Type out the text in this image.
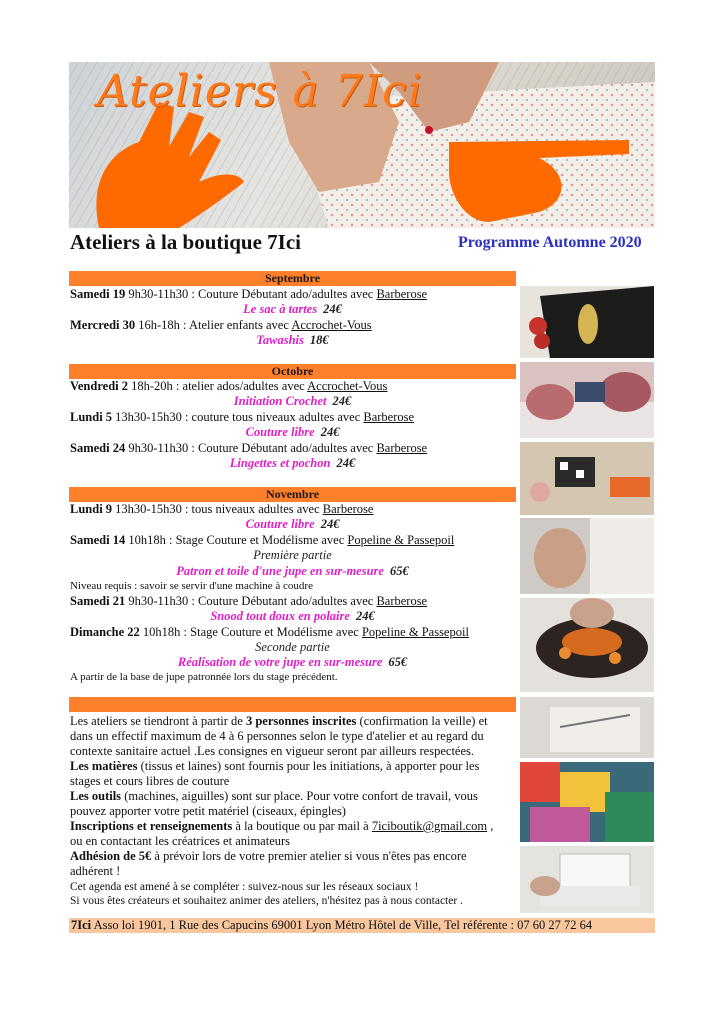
Ateliers à 7Ici
Ateliers à la boutique 7Ici	Programme Automne 2020
Septembre
Samedi 19 9h30-11h30 : Couture Débutant ado/adultes avec Barberose
Le sac à tartes 24€
Mercredi 30 16h-18h : Atelier enfants avec Accrochet-Vous
Tawashis 18€
Octobre
Vendredi 2 18h-20h : atelier ados/adultes avec Accrochet-Vous
Initiation Crochet 24€
Lundi 5 13h30-15h30 : couture tous niveaux adultes avec Barberose
Couture libre 24€
Samedi 24 9h30-11h30 : Couture Débutant ado/adultes avec Barberose
Lingettes et pochon 24€
Novembre
Lundi 9 13h30-15h30 : tous niveaux adultes avec Barberose
Couture libre 24€
Samedi 14 10h18h : Stage Couture et Modélisme avec Popeline & Passepoil
Première partie
Patron et toile d'une jupe en sur-mesure 65€
Niveau requis : savoir se servir d'une machine à coudre
Samedi 21 9h30-11h30 : Couture Débutant ado/adultes avec Barberose
Snood tout doux en polaire 24€
Dimanche 22 10h18h : Stage Couture et Modélisme avec Popeline & Passepoil
Seconde partie
Réalisation de votre jupe en sur-mesure 65€
A partir de la base de jupe patronnée lors du stage précédent.
Les ateliers se tiendront à partir de 3 personnes inscrites (confirmation la veille) et
dans un effectif maximum de 4 à 6 personnes selon le type d'atelier et au regard du
contexte sanitaire actuel .Les consignes en vigueur seront par ailleurs respectées.
Les matières (tissus et laines) sont fournis pour les initiations, à apporter pour les
stages et cours libres de couture
Les outils (machines, aiguilles) sont sur place. Pour votre confort de travail, vous
pouvez apporter votre petit matériel (ciseaux, épingles)
Inscriptions et renseignements à la boutique ou par mail à 7iciboutik@gmail.com ,
ou en contactant les créatrices et animateurs
Adhésion de 5€ à prévoir lors de votre premier atelier si vous n'êtes pas encore
adhérent !
Cet agenda est amené à se compléter : suivez-nous sur les réseaux sociaux !
Si vous êtes créateurs et souhaitez animer des ateliers, n'hésitez pas à nous contacter .
7Ici Asso loi 1901, 1 Rue des Capucins 69001 Lyon Métro Hôtel de Ville, Tel référente : 07 60 27 72 64
